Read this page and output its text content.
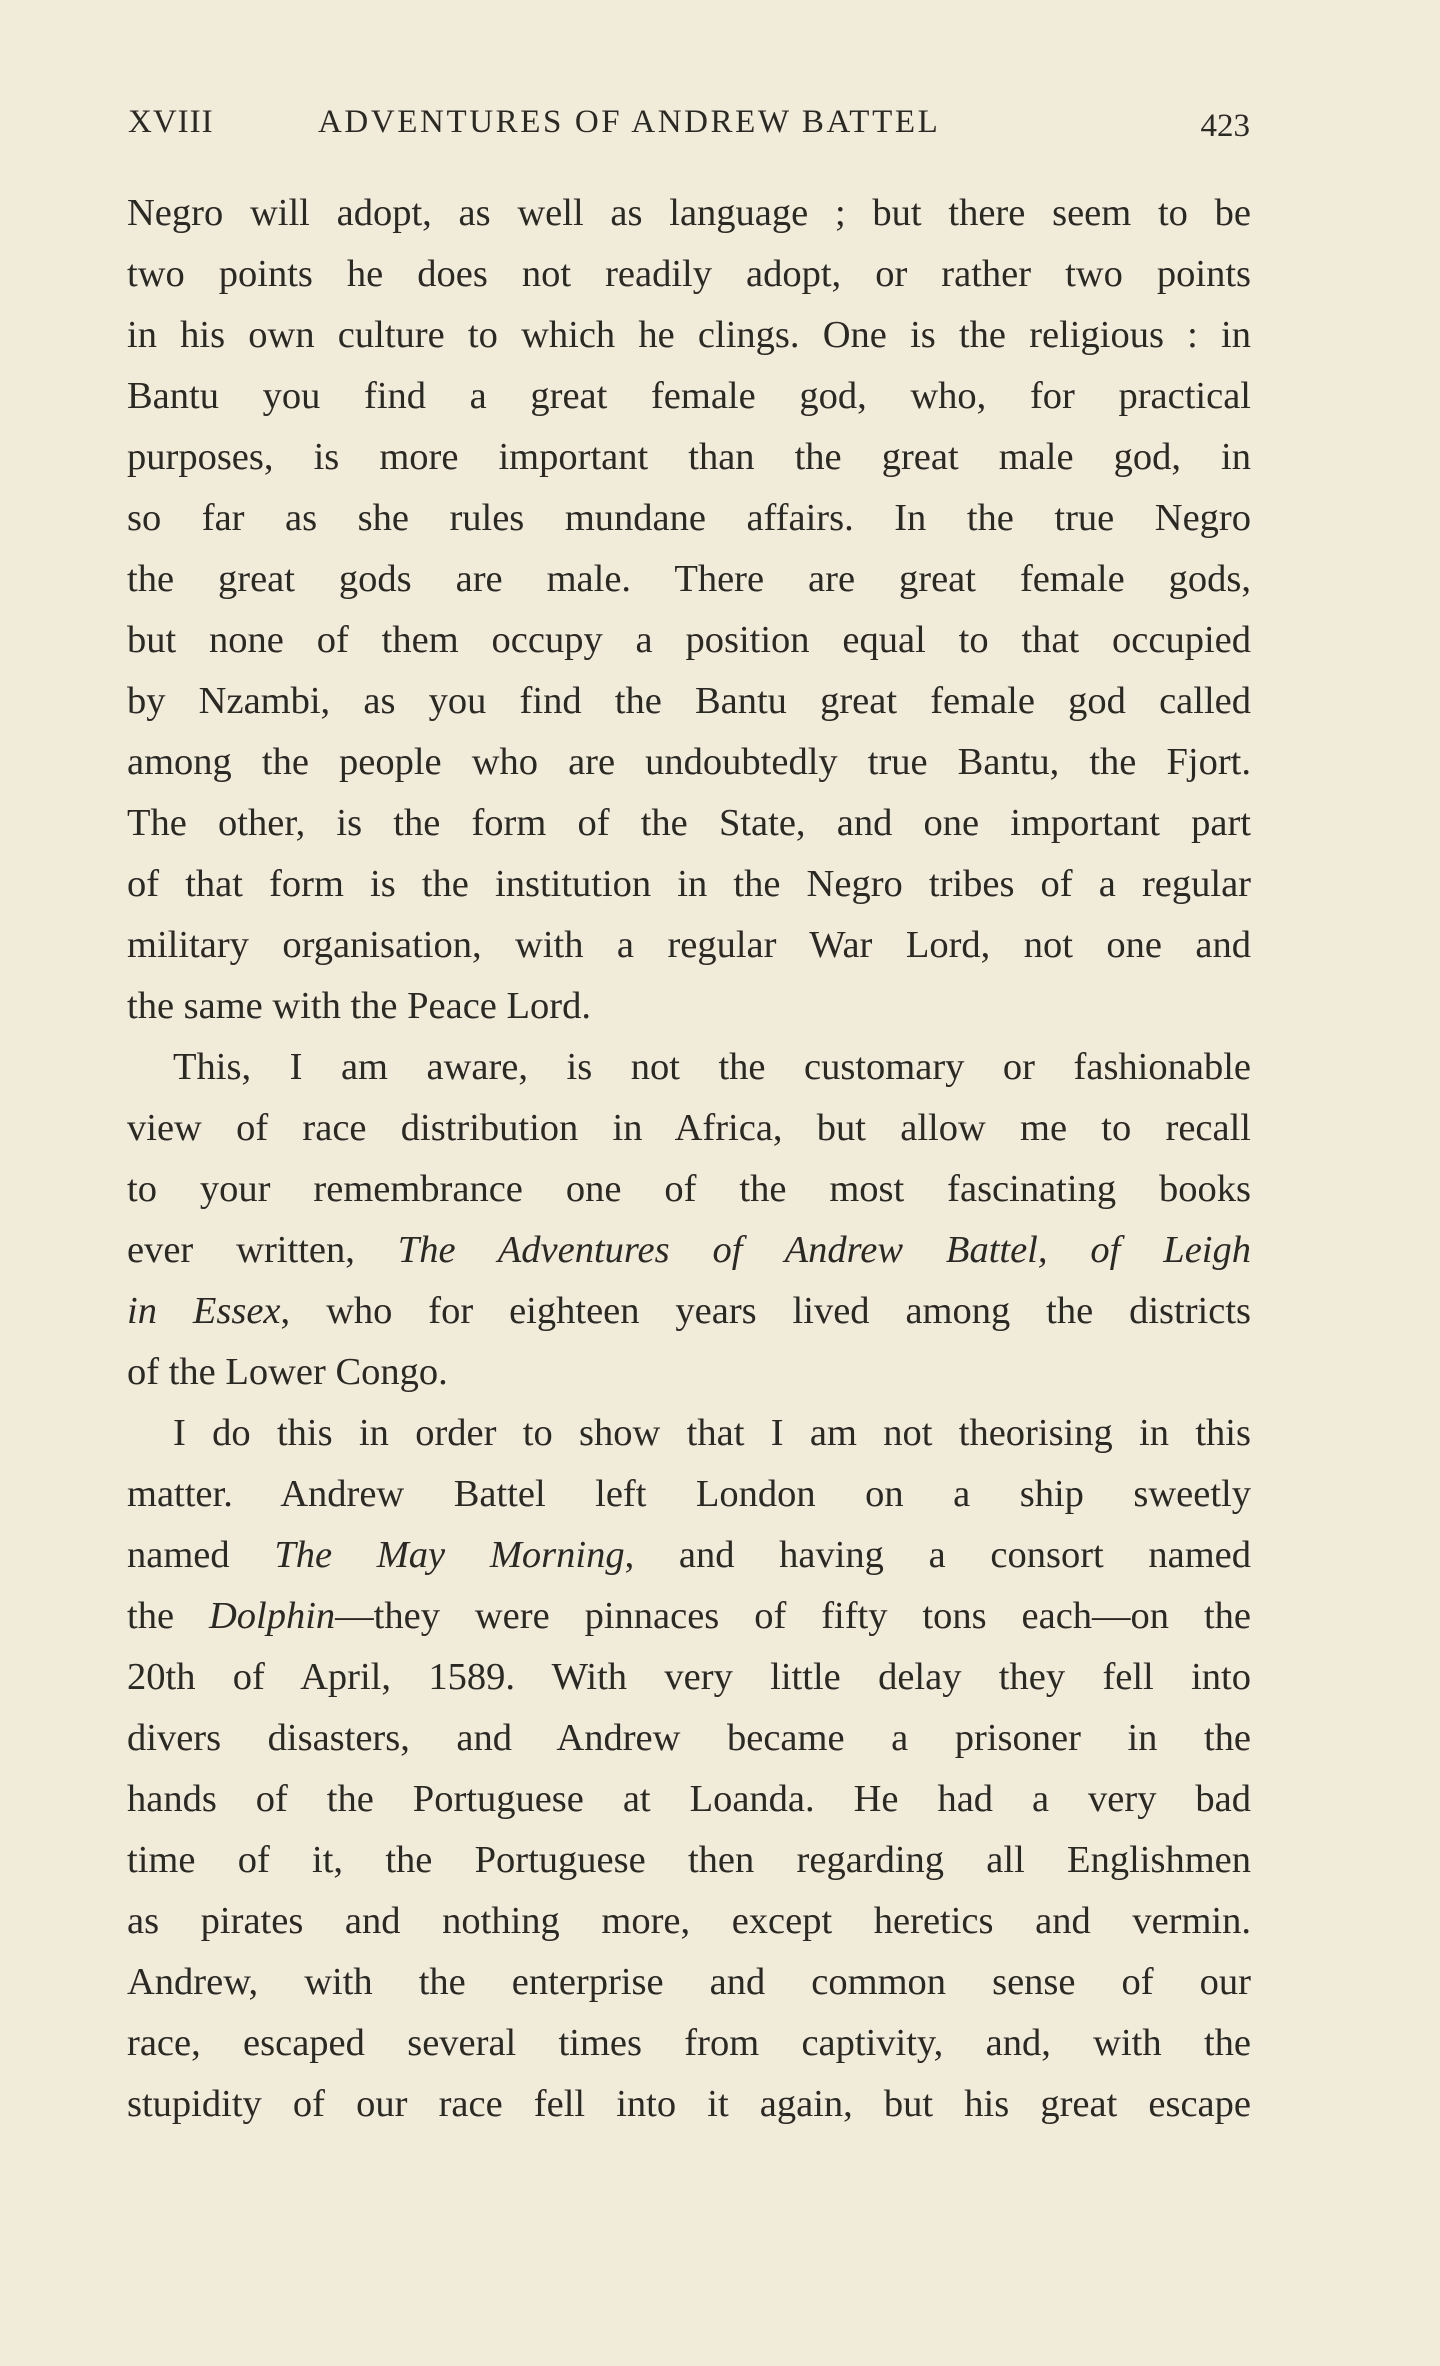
XVIII	ADVENTURES OF ANDREW BATTEL	423
Negro will adopt, as well as language ; but there seem to be
two points he does not readily adopt, or rather two points
in his own culture to which he clings. One is the religious : in
Bantu you find a great female god, who, for practical
purposes, is more important than the great male god, in
so far as she rules mundane affairs. In the true Negro
the great gods are male. There are great female gods,
but none of them occupy a position equal to that occupied
by Nzambi, as you find the Bantu great female god called
among the people who are undoubtedly true Bantu, the Fjort.
The other, is the form of the State, and one important part
of that form is the institution in the Negro tribes of a regular
military organisation, with a regular War Lord, not one and
the same with the Peace Lord.
This, I am aware, is not the customary or fashionable
view of race distribution in Africa, but allow me to recall
to your remembrance one of the most fascinating books
ever written, The Adventures of Andrew Battel, of Leigh
in Essex, who for eighteen years lived among the districts
of the Lower Congo.
I do this in order to show that I am not theorising in this
matter. Andrew Battel left London on a ship sweetly
named The May Morning, and having a consort named
the Dolphin—they were pinnaces of fifty tons each—on the
20th of April, 1589. With very little delay they fell into
divers disasters, and Andrew became a prisoner in the
hands of the Portuguese at Loanda. He had a very bad
time of it, the Portuguese then regarding all Englishmen
as pirates and nothing more, except heretics and vermin.
Andrew, with the enterprise and common sense of our
race, escaped several times from captivity, and, with the
stupidity of our race fell into it again, but his great escape
